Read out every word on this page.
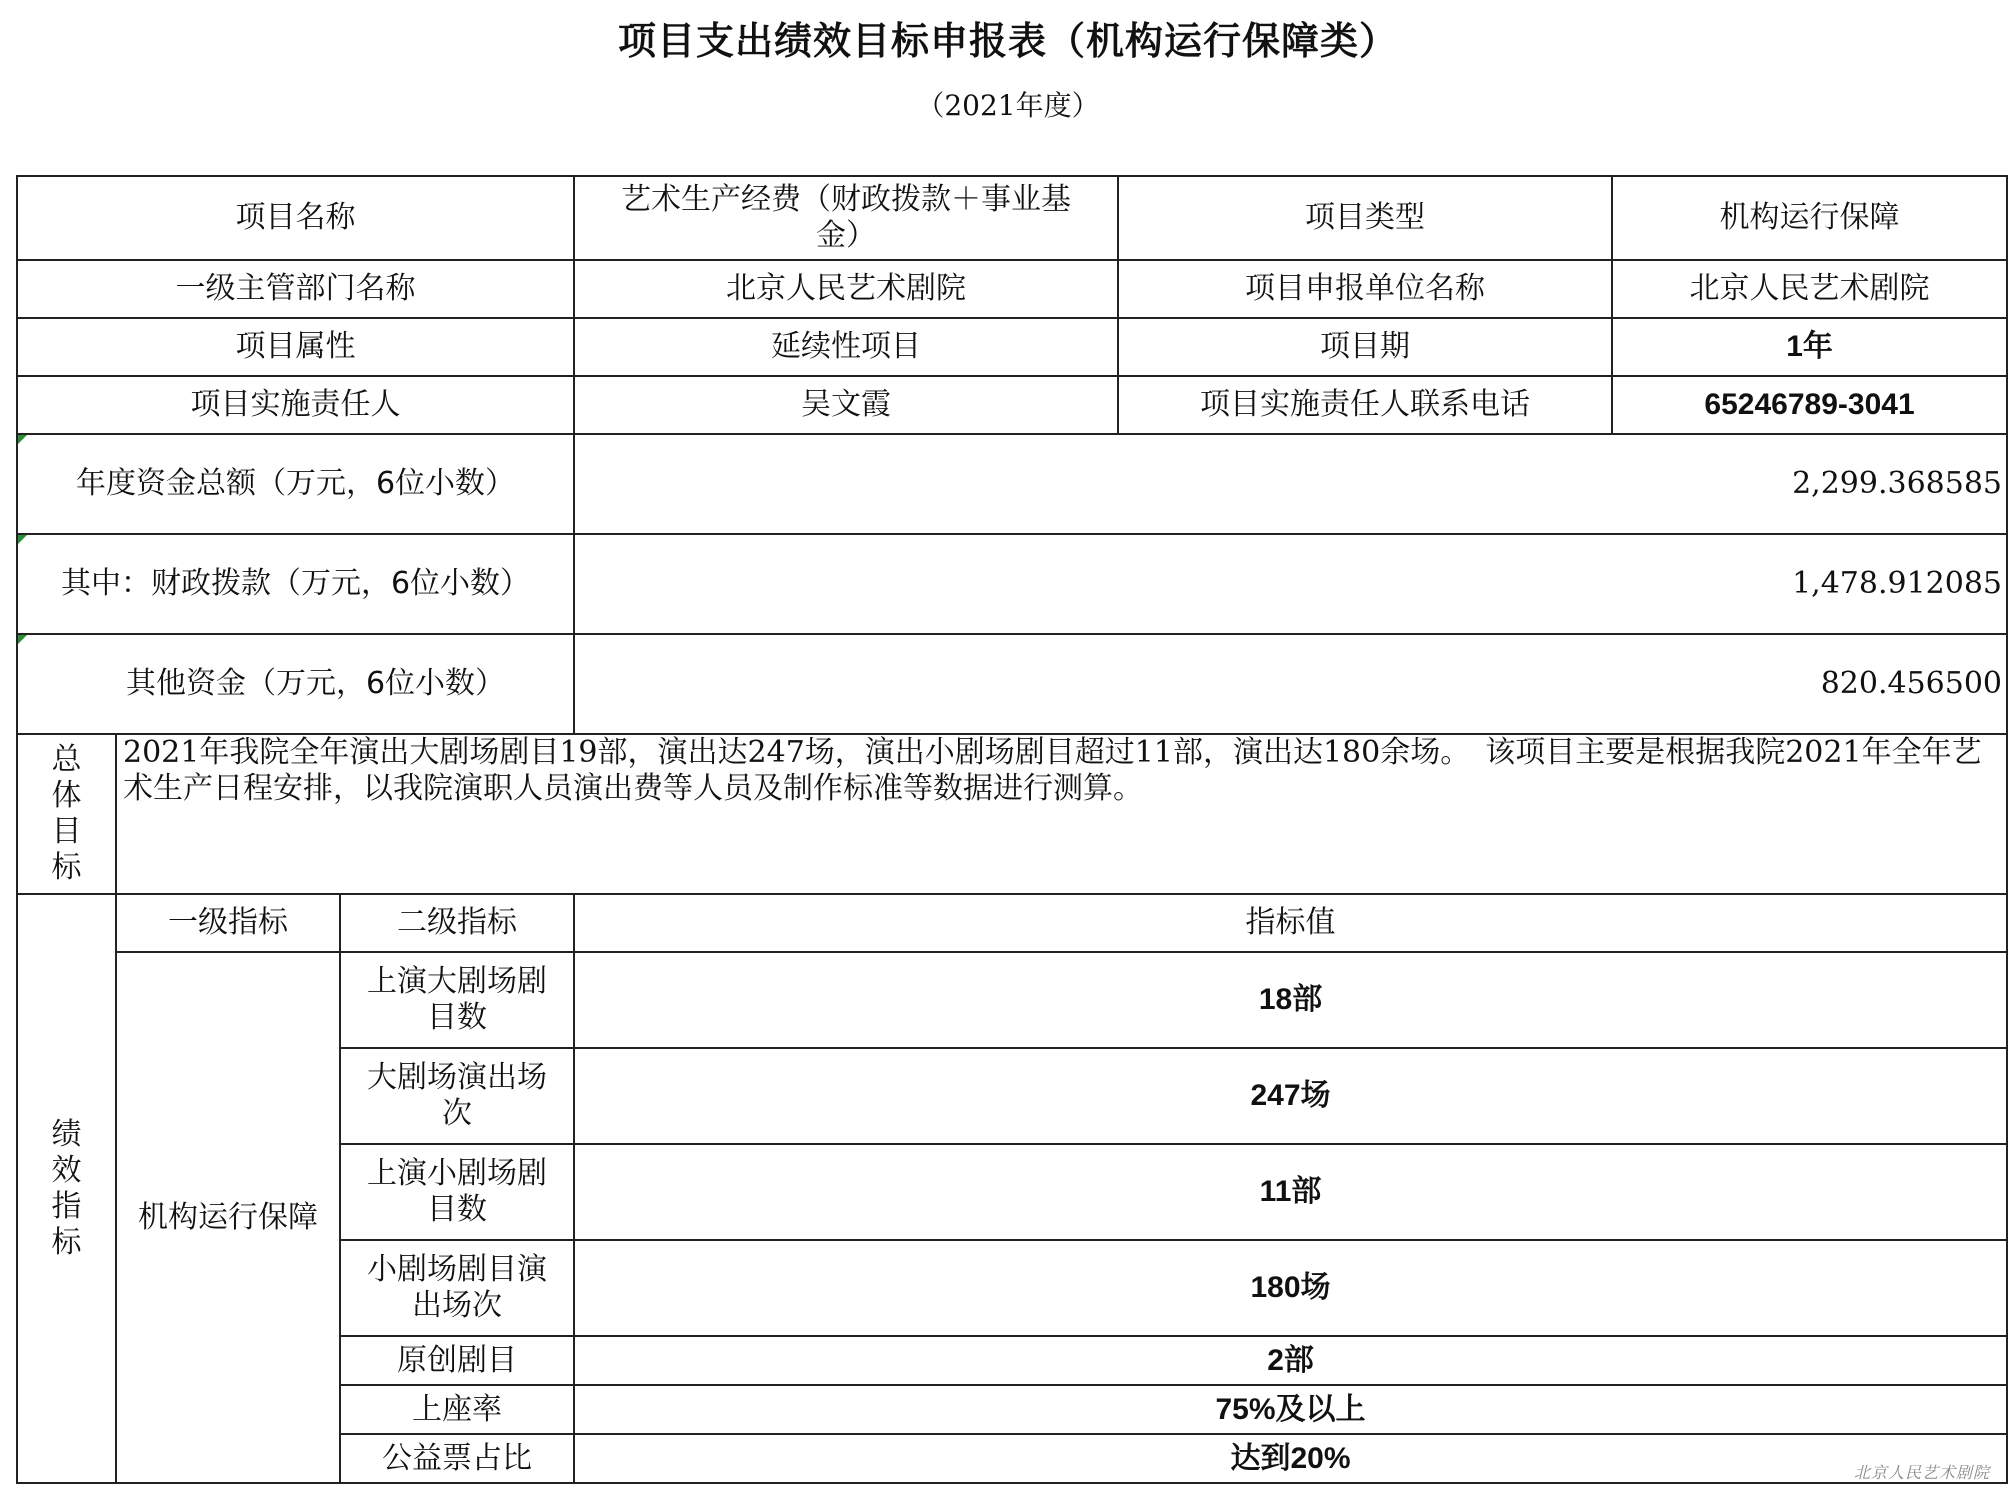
项目支出绩效目标申报表（机构运行保障类）
（2021年度）
项目名称			艺术生产经费（财政拨款＋事业基金）	项目类型	机构运行保障
一级主管部门名称			北京人民艺术剧院	项目申报单位名称	北京人民艺术剧院
项目属性			延续性项目	项目期	1年
项目实施责任人			吴文霞	项目实施责任人联系电话	65246789-3041
年度资金总额（万元，6位小数）			2,299.368585		
其中：财政拨款（万元，6位小数）			1,478.912085		
其他资金（万元，6位小数）			820.456500		

总体目标	2021年我院全年演出大剧场剧目19部，演出达247场，演出小剧场剧目超过11部，演出达180余场。　该项目主要是根据我院2021年全年艺术生产日程安排，以我院演职人员演出费等人员及制作标准等数据进行测算。				

绩效指标	一级指标	二级指标	指标值		
	机构运行保障	上演大剧场剧目数	18部		
		大剧场演出场次	247场		
		上演小剧场剧目数	11部		
		小剧场剧目演出场次	180场		
		原创剧目	2部		
		上座率	75%及以上		
		公益票占比	达到20%			北京人民艺术剧院
